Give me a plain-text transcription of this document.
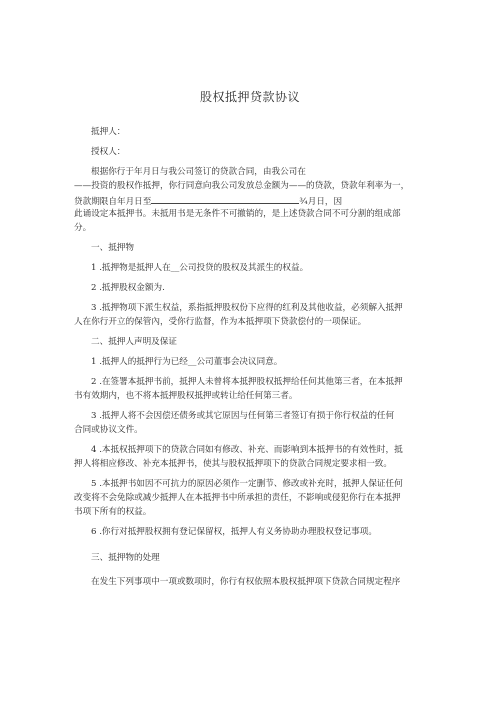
股权抵押贷款协议
抵押人：
授权人：
根据你行于年月日与我公司签订的贷款合同，由我公司在
——投资的股权作抵押，你行同意向我公司发放总金额为——的贷款，贷款年利率为一，
贷款期限自年月日至	¾月日，因
此诵设定本抵押书。未抵用书是无条件不可撤销的，是上述贷款合同不可分割的组成部
分。
一、抵押物
1 .抵押物是抵押人在__公司投贷的股权及其派生的权益。
2 .抵押股权金额为.
3 .抵押物项下派生权益，系指抵押股权份下应得的红利及其他收益，必须解入抵押
人在你行开立的保管內，受你行监督，作为本抵押项下贷款偿付的一项保证。
二、抵押人声明及保证
1 .抵押人的抵押行为已经__公司董事会决议同意。
2 .在签署本抵押书前，抵押人未曾将本抵押股权抵押给任何其他第三者，在本抵押
书有效期内，也不将本抵押股权抵押或转让给任何第三者。
3 .抵押人将不会因偿还债务或其它原因与任何第三者签订有损于你行权益的任何
合同或协议文件。
4 .本抵权抵押项下的贷款合同如有修改、补充、而影响到本抵押书的有效性时，抵
押人将相应修改、补充本抵押书，使其与股权抵押项下的贷款合同规定要求相一致。
5 .本抵押书如因不可抗力的原因必须作一定删节、修改或补充时，抵押人保证任何
改变将不会免除或减少抵押人在本抵押书中所承担的责任，不影响或侵犯你行在本抵押
书项下所有的权益。
6 .你行对抵押股权拥有登记保留权，抵押人有义务协助办理股权登记事项。
三、抵押物的处理
在发生下列事项中一项或数项时，你行有权依照本股权抵押项下贷款合同规定程序
